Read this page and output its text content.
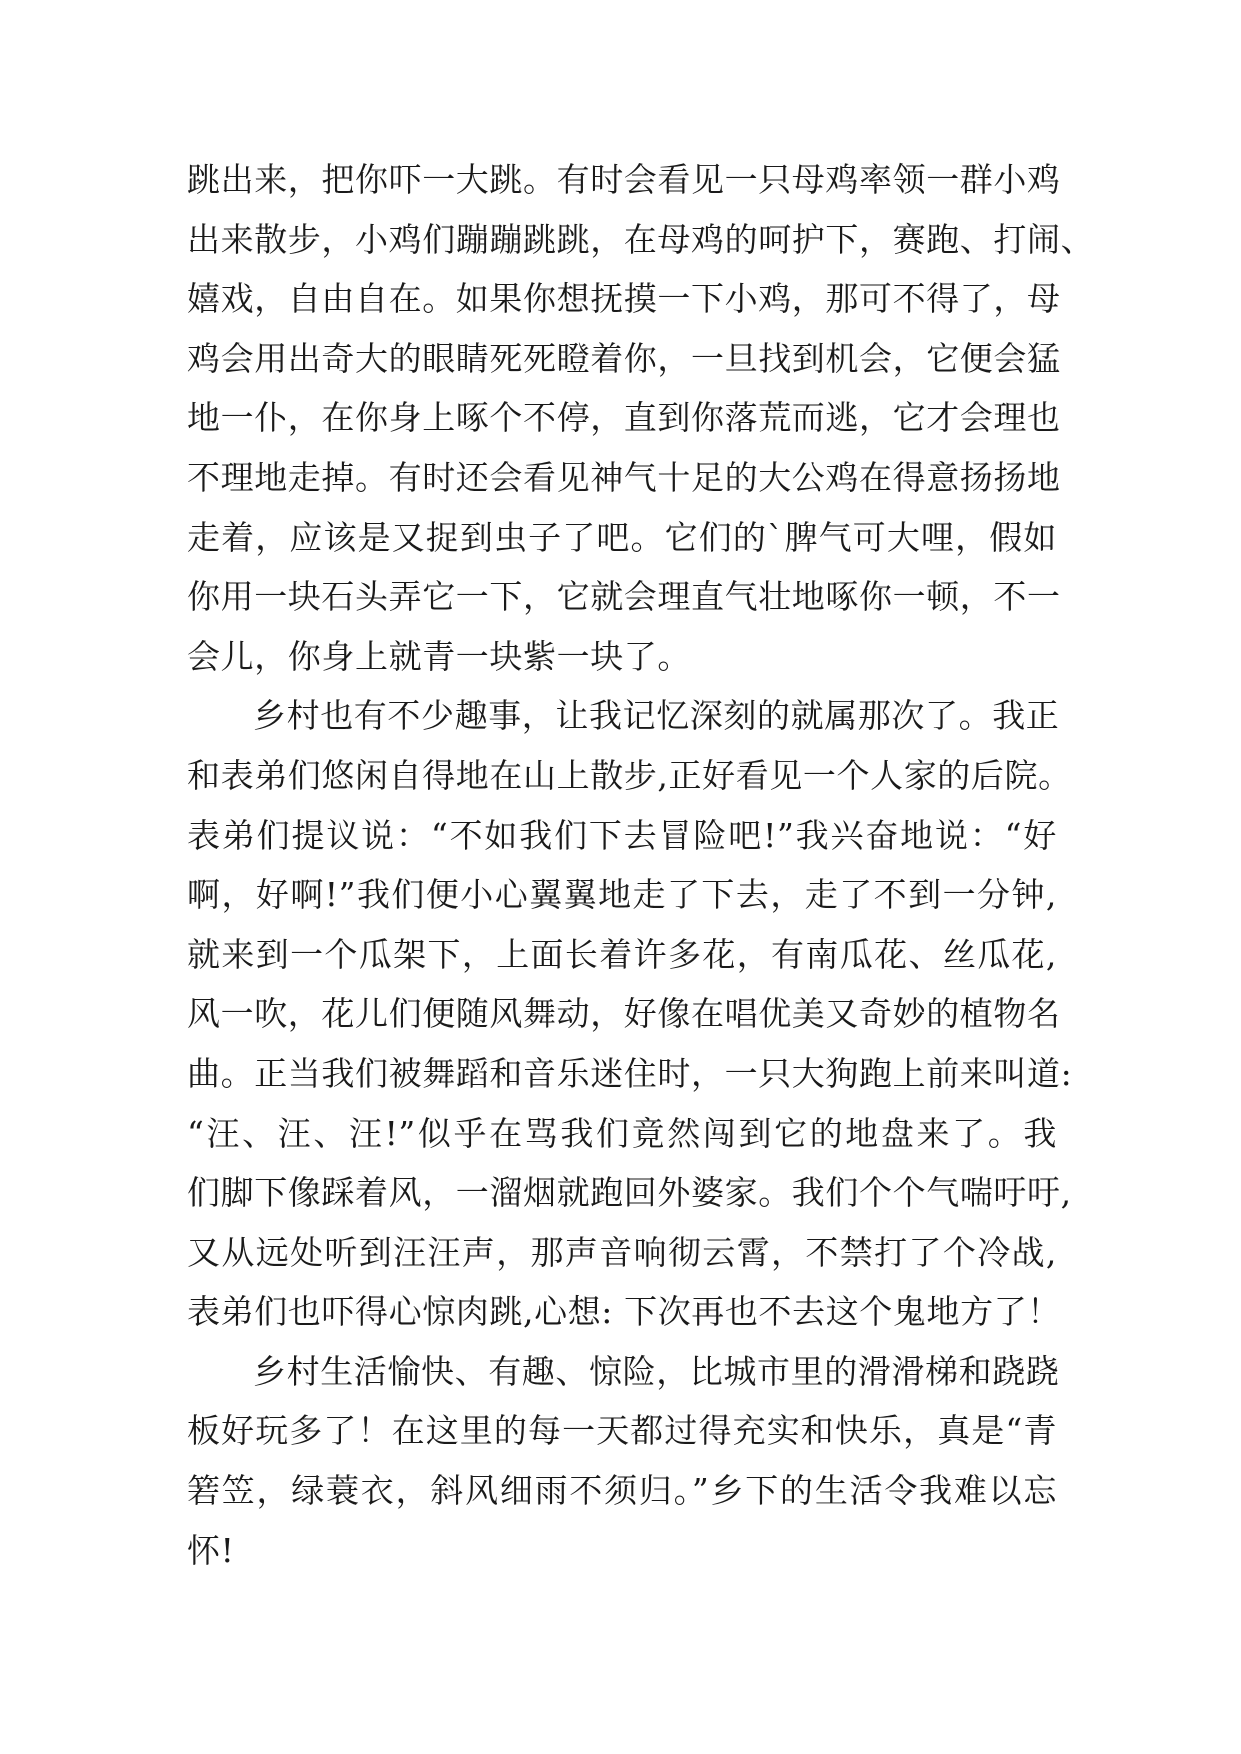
跳出来，把你吓一大跳。有时会看见一只母鸡率领一群小鸡
出来散步，小鸡们蹦蹦跳跳，在母鸡的呵护下，赛跑、打闹、
嬉戏，自由自在。如果你想抚摸一下小鸡，那可不得了，母
鸡会用出奇大的眼睛死死瞪着你，一旦找到机会，它便会猛
地一仆，在你身上啄个不停，直到你落荒而逃，它才会理也
不理地走掉。有时还会看见神气十足的大公鸡在得意扬扬地
走着，应该是又捉到虫子了吧。它们的`脾气可大哩，假如
你用一块石头弄它一下，它就会理直气壮地啄你一顿，不一
会儿，你身上就青一块紫一块了。
乡村也有不少趣事，让我记忆深刻的就属那次了。我正
和表弟们悠闲自得地在山上散步,正好看见一个人家的后院。
表弟们提议说：“不如我们下去冒险吧!”我兴奋地说：“好
啊，好啊!”我们便小心翼翼地走了下去，走了不到一分钟,
就来到一个瓜架下，上面长着许多花，有南瓜花、丝瓜花,
风一吹，花儿们便随风舞动，好像在唱优美又奇妙的植物名
曲。正当我们被舞蹈和音乐迷住时，一只大狗跑上前来叫道:
“汪、汪、汪!”似乎在骂我们竟然闯到它的地盘来了。我
们脚下像踩着风，一溜烟就跑回外婆家。我们个个气喘吁吁,
又从远处听到汪汪声，那声音响彻云霄，不禁打了个冷战,
表弟们也吓得心惊肉跳,心想: 下次再也不去这个鬼地方了！
乡村生活愉快、有趣、惊险，比城市里的滑滑梯和跷跷
板好玩多了！在这里的每一天都过得充实和快乐，真是“青
箬笠，绿蓑衣，斜风细雨不须归。”乡下的生活令我难以忘
怀!
